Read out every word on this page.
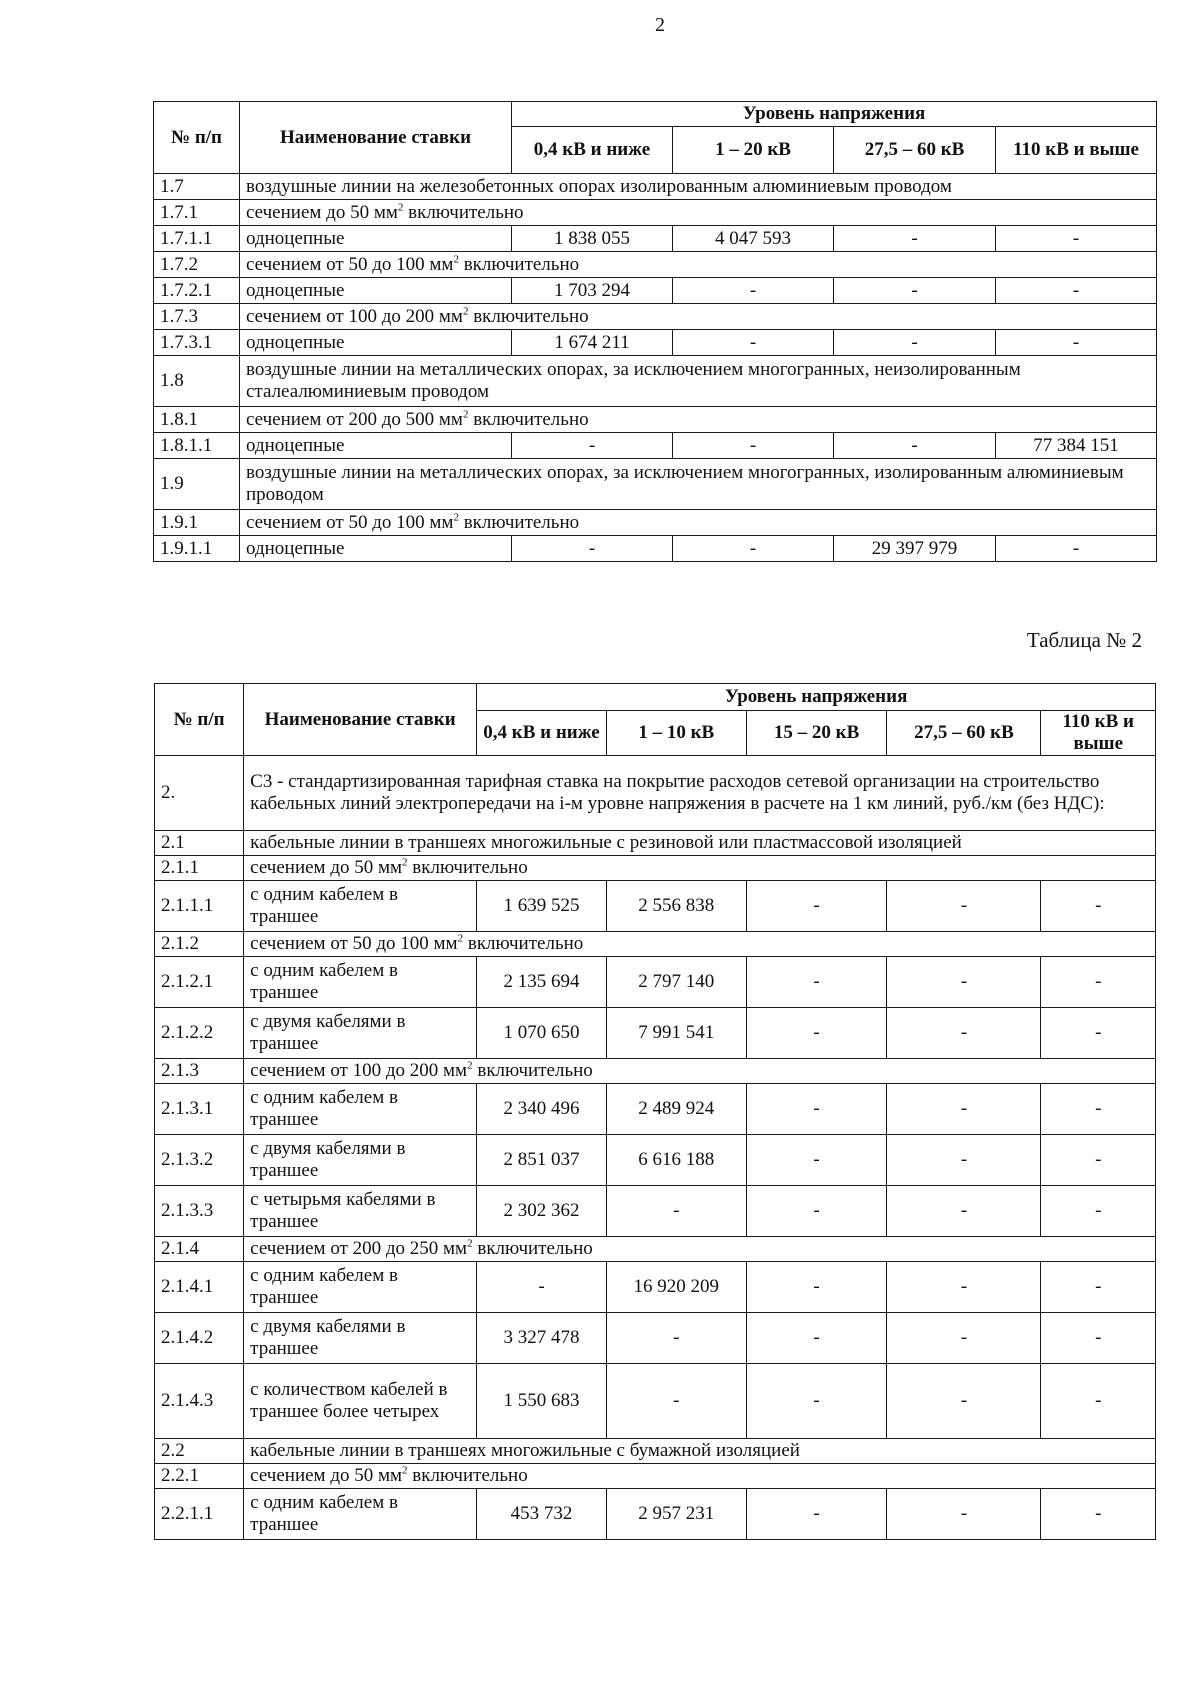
2
№ п/п	Наименование ставки	Уровень напряжения			
		0,4 кВ и ниже	1 – 20 кВ	27,5 – 60 кВ	110 кВ и выше
1.7	воздушные линии на железобетонных опорах изолированным алюминиевым проводом				
1.7.1	сечением до 50 $мм^2$ включительно				
1.7.1.1	одноцепные	1 838 055	4 047 593	-	-
1.7.2	сечением от 50 до 100 $мм^2$ включительно				
1.7.2.1	одноцепные	1 703 294	-	-	-
1.7.3	сечением от 100 до 200 $мм^2$ включительно				
1.7.3.1	одноцепные	1 674 211	-	-	-
1.8	воздушные линии на металлических опорах, за исключением многогранных, неизолированным сталеалюминиевым проводом				
1.8.1	сечением от 200 до 500 $мм^2$ включительно				
1.8.1.1	одноцепные	-	-	-	77 384 151
1.9	воздушные линии на металлических опорах, за исключением многогранных, изолированным алюминиевым проводом				
1.9.1	сечением от 50 до 100 $мм^2$ включительно				
1.9.1.1	одноцепные	-	-	29 397 979	-
Таблица № 2
№ п/п	Наименование ставки	Уровень напряжения				
		0,4 кВ и ниже	1 – 10 кВ	15 – 20 кВ	27,5 – 60 кВ	110 кВ и выше
2.	С3 - стандартизированная тарифная ставка на покрытие расходов сетевой организации на строительство кабельных линий электропередачи на i-м уровне напряжения в расчете на 1 км линий, руб./км (без НДС):					
2.1	кабельные линии в траншеях многожильные с резиновой или пластмассовой изоляцией					
2.1.1	сечением до 50 $мм^2$ включительно					
2.1.1.1	с одним кабелем в траншее	1 639 525	2 556 838	-	-	-
2.1.2	сечением от 50 до 100 $мм^2$ включительно					
2.1.2.1	с одним кабелем в траншее	2 135 694	2 797 140	-	-	-
2.1.2.2	с двумя кабелями в траншее	1 070 650	7 991 541	-	-	-
2.1.3	сечением от 100 до 200 $мм^2$ включительно					
2.1.3.1	с одним кабелем в траншее	2 340 496	2 489 924	-	-	-
2.1.3.2	с двумя кабелями в траншее	2 851 037	6 616 188	-	-	-
2.1.3.3	с четырьмя кабелями в траншее	2 302 362	-	-	-	-
2.1.4	сечением от 200 до 250 $мм^2$ включительно					
2.1.4.1	с одним кабелем в траншее	-	16 920 209	-	-	-
2.1.4.2	с двумя кабелями в траншее	3 327 478	-	-	-	-
2.1.4.3	с количеством кабелей в траншее более четырех	1 550 683	-	-	-	-
2.2	кабельные линии в траншеях многожильные с бумажной изоляцией					
2.2.1	сечением до 50 $мм^2$ включительно					
2.2.1.1	с одним кабелем в траншее	453 732	2 957 231	-	-	-
